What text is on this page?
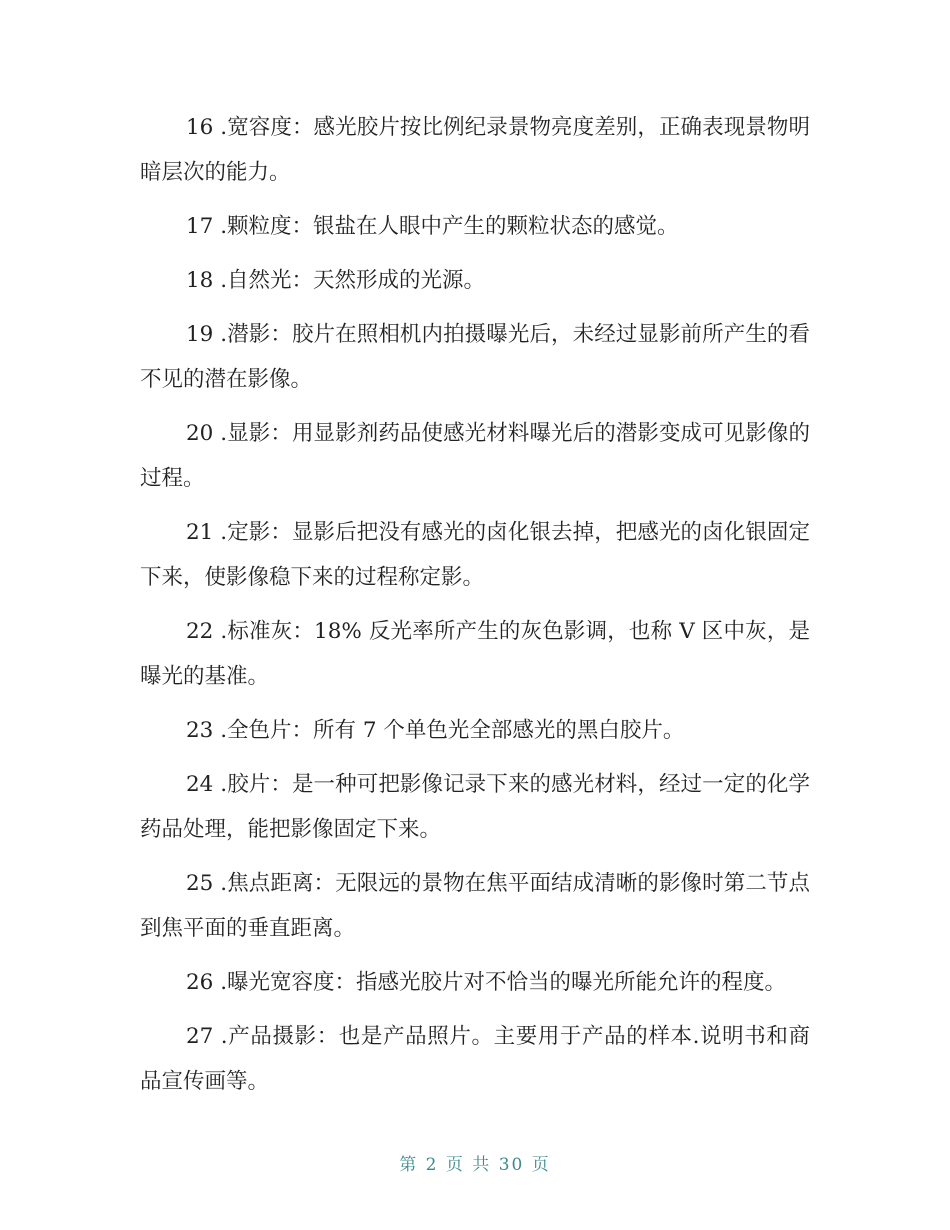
16 .宽容度：感光胶片按比例纪录景物亮度差别，正确表现景物明暗层次的能力。

17 .颗粒度：银盐在人眼中产生的颗粒状态的感觉。

18 .自然光：天然形成的光源。

19 .潜影：胶片在照相机内拍摄曝光后，未经过显影前所产生的看不见的潜在影像。

20 .显影：用显影剂药品使感光材料曝光后的潜影变成可见影像的过程。

21 .定影：显影后把没有感光的卤化银去掉，把感光的卤化银固定下来，使影像稳下来的过程称定影。

22 .标准灰：18% 反光率所产生的灰色影调，也称 V 区中灰，是曝光的基准。

23 .全色片：所有 7 个单色光全部感光的黑白胶片。

24 .胶片：是一种可把影像记录下来的感光材料，经过一定的化学药品处理，能把影像固定下来。

25 .焦点距离：无限远的景物在焦平面结成清晰的影像时第二节点到焦平面的垂直距离。

26 .曝光宽容度：指感光胶片对不恰当的曝光所能允许的程度。

27 .产品摄影：也是产品照片。主要用于产品的样本.说明书和商品宣传画等。

第 2 页 共 30 页
